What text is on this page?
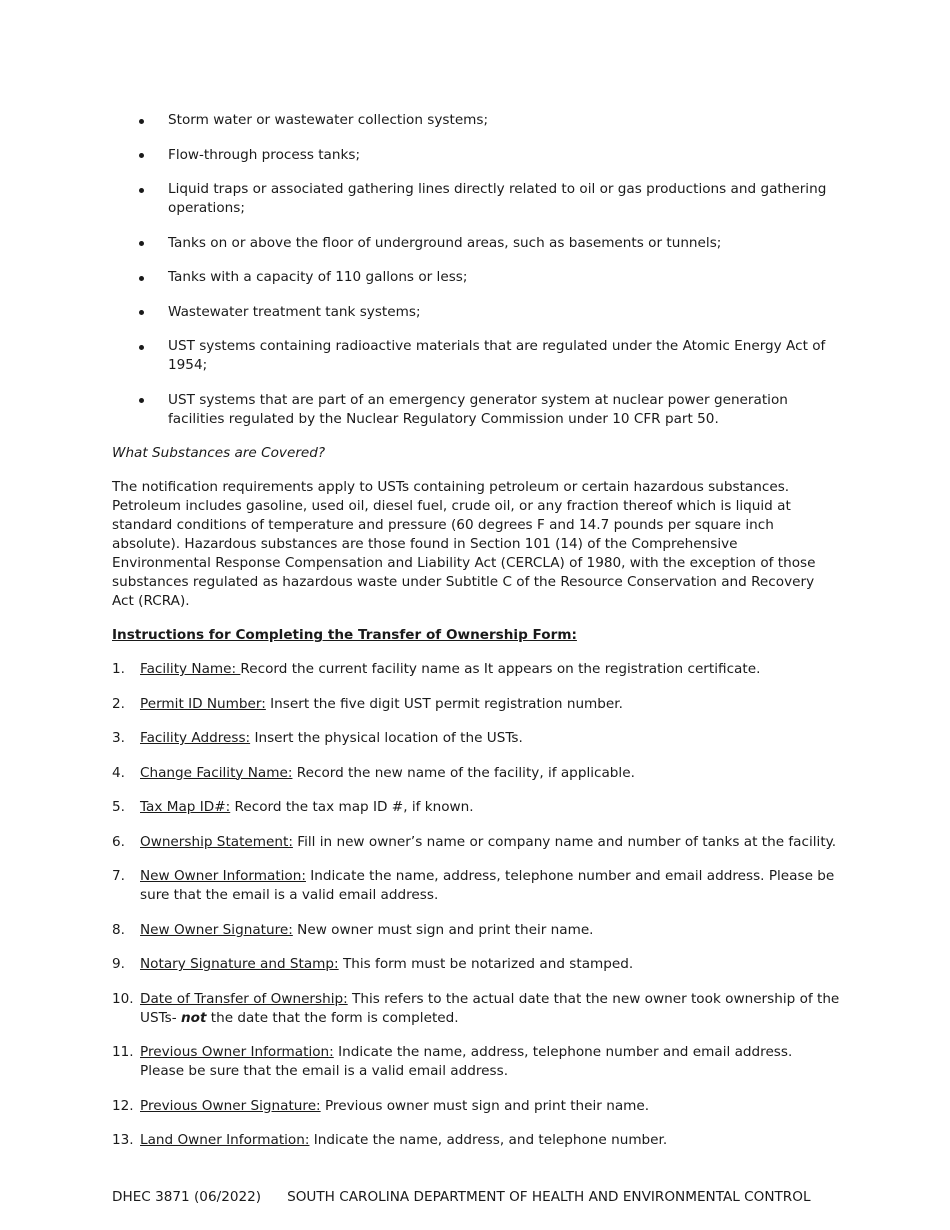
Storm water or wastewater collection systems;
Flow-through process tanks;
Liquid traps or associated gathering lines directly related to oil or gas productions and gathering operations;
Tanks on or above the floor of underground areas, such as basements or tunnels;
Tanks with a capacity of 110 gallons or less;
Wastewater treatment tank systems;
UST systems containing radioactive materials that are regulated under the Atomic Energy Act of 1954;
UST systems that are part of an emergency generator system at nuclear power generation facilities regulated by the Nuclear Regulatory Commission under 10 CFR part 50.
What Substances are Covered?
The notification requirements apply to USTs containing petroleum or certain hazardous substances. Petroleum includes gasoline, used oil, diesel fuel, crude oil, or any fraction thereof which is liquid at standard conditions of temperature and pressure (60 degrees F and 14.7 pounds per square inch absolute). Hazardous substances are those found in Section 101 (14) of the Comprehensive Environmental Response Compensation and Liability Act (CERCLA) of 1980, with the exception of those substances regulated as hazardous waste under Subtitle C of the Resource Conservation and Recovery Act (RCRA).
Instructions for Completing the Transfer of Ownership Form:
1. Facility Name: Record the current facility name as It appears on the registration certificate.
2. Permit ID Number: Insert the five digit UST permit registration number.
3. Facility Address: Insert the physical location of the USTs.
4. Change Facility Name: Record the new name of the facility, if applicable.
5. Tax Map ID#: Record the tax map ID #, if known.
6. Ownership Statement: Fill in new owner’s name or company name and number of tanks at the facility.
7. New Owner Information: Indicate the name, address, telephone number and email address. Please be sure that the email is a valid email address.
8. New Owner Signature: New owner must sign and print their name.
9. Notary Signature and Stamp: This form must be notarized and stamped.
10. Date of Transfer of Ownership: This refers to the actual date that the new owner took ownership of the USTs- not the date that the form is completed.
11. Previous Owner Information: Indicate the name, address, telephone number and email address. Please be sure that the email is a valid email address.
12. Previous Owner Signature: Previous owner must sign and print their name.
13. Land Owner Information: Indicate the name, address, and telephone number.
DHEC 3871 (06/2022) SOUTH CAROLINA DEPARTMENT OF HEALTH AND ENVIRONMENTAL CONTROL
